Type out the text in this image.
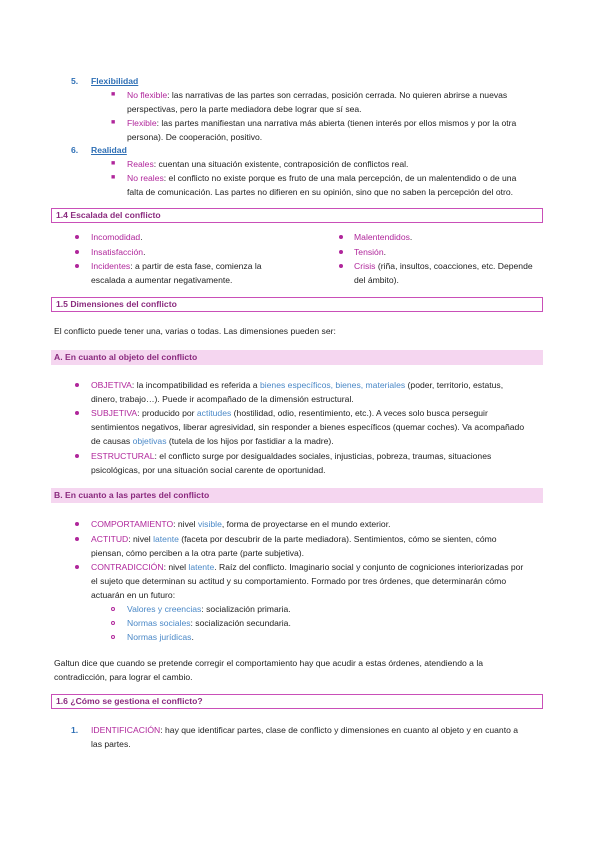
5. Flexibilidad
■ No flexible: las narrativas de las partes son cerradas, posición cerrada. No quieren abrirse a nuevas
perspectivas, pero la parte mediadora debe lograr que sí sea.
■ Flexible: las partes manifiestan una narrativa más abierta (tienen interés por ellos mismos y por la otra
persona). De cooperación, positivo.
6. Realidad
■ Reales: cuentan una situación existente, contraposición de conflictos real.
■ No reales: el conflicto no existe porque es fruto de una mala percepción, de un malentendido o de una
falta de comunicación. Las partes no difieren en su opinión, sino que no saben la percepción del otro.
1.4 Escalada del conflicto
Incomodidad.
Insatisfacción.
Incidentes: a partir de esta fase, comienza la
escalada a aumentar negativamente.
Malentendidos.
Tensión.
Crisis (riña, insultos, coacciones, etc. Depende
del ámbito).
1.5 Dimensiones del conflicto
El conflicto puede tener una, varias o todas. Las dimensiones pueden ser:
A. En cuanto al objeto del conflicto
OBJETIVA: la incompatibilidad es referida a bienes específicos, bienes, materiales (poder, territorio, estatus,
dinero, trabajo…). Puede ir acompañado de la dimensión estructural.
SUBJETIVA: producido por actitudes (hostilidad, odio, resentimiento, etc.). A veces solo busca perseguir
sentimientos negativos, liberar agresividad, sin responder a bienes específicos (quemar coches). Va acompañado
de causas objetivas (tutela de los hijos por fastidiar a la madre).
ESTRUCTURAL: el conflicto surge por desigualdades sociales, injusticias, pobreza, traumas, situaciones
psicológicas, por una situación social carente de oportunidad.
B. En cuanto a las partes del conflicto
COMPORTAMIENTO: nivel visible, forma de proyectarse en el mundo exterior.
ACTITUD: nivel latente (faceta por descubrir de la parte mediadora). Sentimientos, cómo se sienten, cómo
piensan, cómo perciben a la otra parte (parte subjetiva).
CONTRADICCIÓN: nivel latente. Raíz del conflicto. Imaginario social y conjunto de cogniciones interiorizadas por
el sujeto que determinan su actitud y su comportamiento. Formado por tres órdenes, que determinarán cómo
actuarán en un futuro:
Valores y creencias: socialización primaria.
Normas sociales: socialización secundaria.
Normas jurídicas.
Galtun dice que cuando se pretende corregir el comportamiento hay que acudir a estas órdenes, atendiendo a la
contradicción, para lograr el cambio.
1.6 ¿Cómo se gestiona el conflicto?
1. IDENTIFICACIÓN: hay que identificar partes, clase de conflicto y dimensiones en cuanto al objeto y en cuanto a
las partes.
